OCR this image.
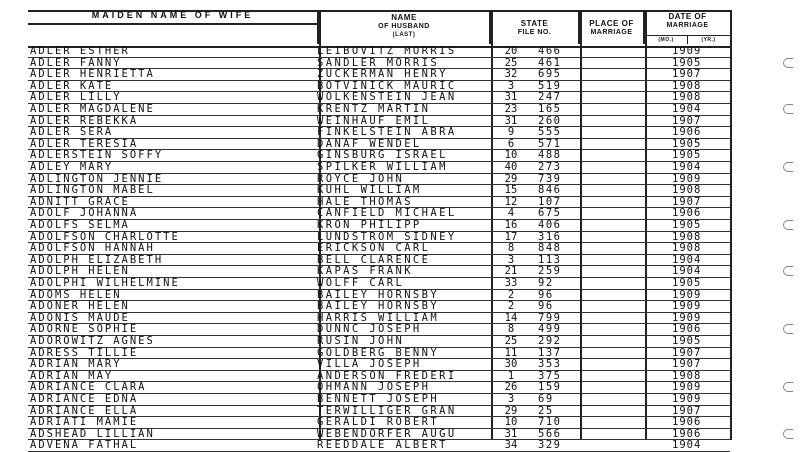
MAIDEN NAME OF WIFE	NAME
OF HUSBAND
(LAST)
STATE
FILE NO.
PLACE OF
MARRIAGE
DATE OF
MARRIAGE
(MO.)	(YR.)
ADLER ESTHER	LEIBOVITZ MORRIS	20	466	1909
ADLER FANNY	SANDLER MORRIS	25	461	1905
ADLER HENRIETTA	ZUCKERMAN HENRY	32	695	1907
ADLER KATE	BOTVINICK MAURIC	3	519	1908
ADLER LILLY	WOLKENSTEIN JEAN	31	247	1908
ADLER MAGDALENE	KRENTZ MARTIN	23	165	1904
ADLER REBEKKA	WEINHAUF EMIL	31	260	1907
ADLER SERA	FINKELSTEIN ABRA	9	555	1906
ADLER TERESIA	DANAF WENDEL	6	571	1905
ADLERSTEIN SOFFY	GINSBURG ISRAEL	10	488	1905
ADLEY MARY	SPILKER WILLIAM	40	273	1904
ADLINGTON JENNIE	ROYCE JOHN	29	739	1909
ADLINGTON MABEL	KUHL WILLIAM	15	846	1908
ADNITT GRACE	HALE THOMAS	12	107	1907
ADOLF JOHANNA	CANFIELD MICHAEL	4	675	1906
ADOLFS SELMA	KRON PHILIPP	16	406	1905
ADOLFSON CHARLOTTE	LUNDSTROM SIDNEY	17	316	1908
ADOLFSON HANNAH	ERICKSON CARL	8	848	1908
ADOLPH ELIZABETH	BELL CLARENCE	3	113	1904
ADOLPH HELEN	KAPAS FRANK	21	259	1904
ADOLPHI WILHELMINE	WOLFF CARL	33	92	1905
ADOMS HELEN	BAILEY HORNSBY	2	96	1909
ADONER HELEN	BAILEY HORNSBY	2	96	1909
ADONIS MAUDE	HARRIS WILLIAM	14	799	1909
ADORNE SOPHIE	DUNNC JOSEPH	8	499	1906
ADOROWITZ AGNES	RUSIN JOHN	25	292	1905
ADRESS TILLIE	GOLDBERG BENNY	11	137	1907
ADRIAN MARY	VILLA JOSEPH	30	353	1907
ADRIAN MAY	ANDERSON FREDERI	1	375	1908
ADRIANCE CLARA	OHMANN JOSEPH	26	159	1909
ADRIANCE EDNA	BENNETT JOSEPH	3	69	1909
ADRIANCE ELLA	TERWILLIGER GRAN	29	25	1907
ADRIATI MAMIE	GERALDI ROBERT	10	710	1906
ADSHEAD LILLIAN	WEBENDORFER AUGU	31	566	1906
ADVENA FATHAL	REEDDALE ALBERT	34	329	1904
